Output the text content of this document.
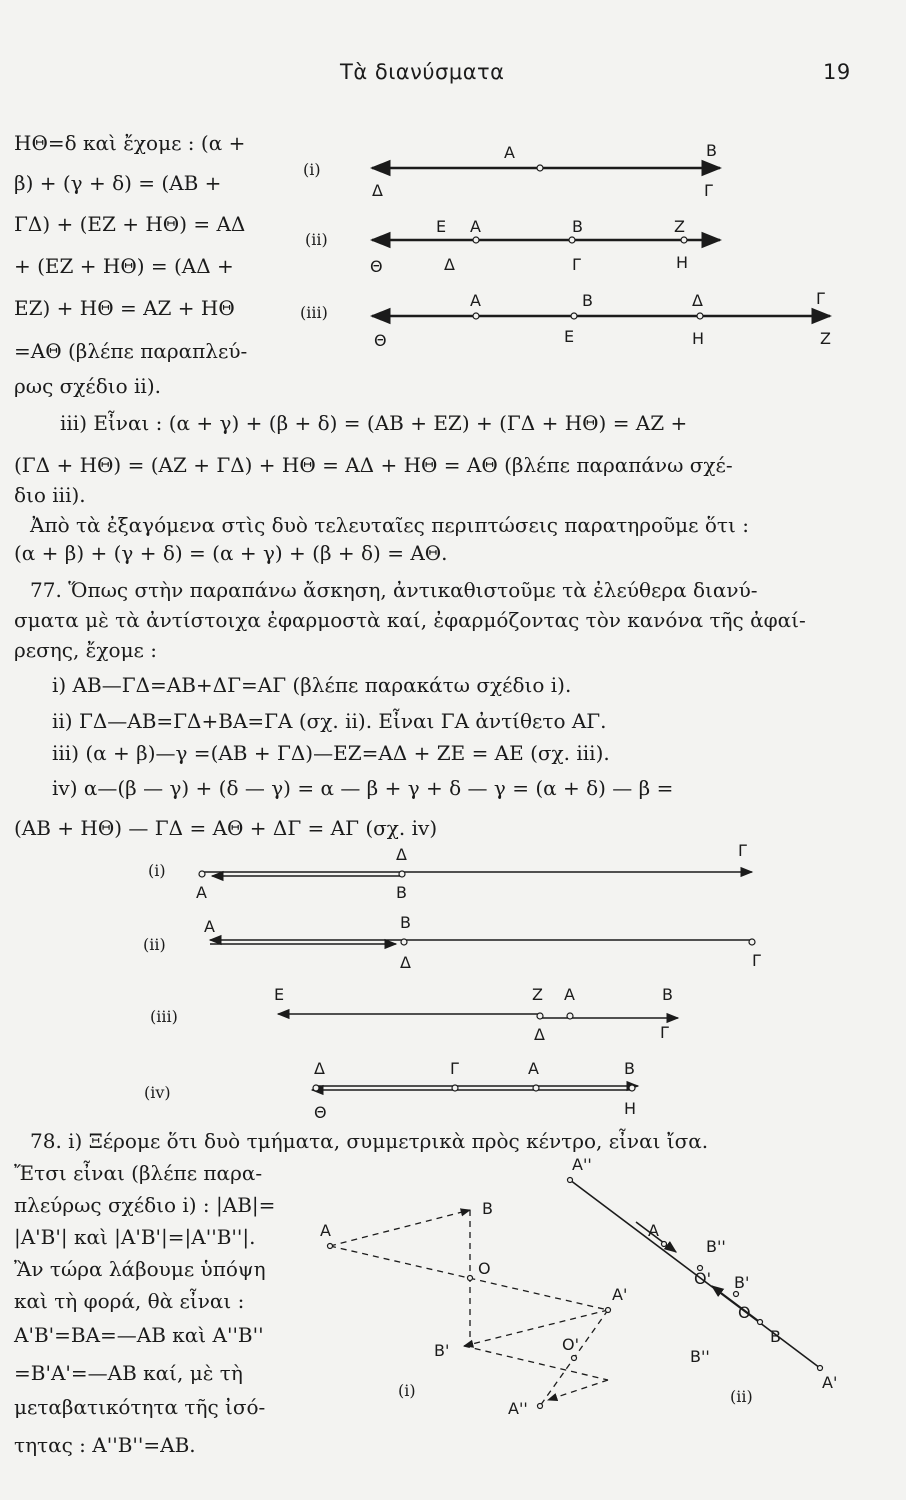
Τὰ διανύσματα	19
ΗΘ=δ καὶ ἔχομε : (α +
β) + (γ + δ) = (ΑΒ +
ΓΔ) + (ΕΖ + ΗΘ) = ΑΔ
+ (ΕΖ + ΗΘ) = (ΑΔ +
ΕΖ) + ΗΘ = ΑΖ + ΗΘ
=ΑΘ (βλέπε παραπλεύ-
ρως σχέδιο ii).
iii) Εἶναι : (α + γ) + (β + δ) = (ΑΒ + ΕΖ) + (ΓΔ + ΗΘ) = ΑΖ +
(ΓΔ + ΗΘ) = (ΑΖ + ΓΔ) + ΗΘ = ΑΔ + ΗΘ = ΑΘ (βλέπε παραπάνω σχέ-
διο iii).
Ἀπὸ τὰ ἐξαγόμενα στὶς δυὸ τελευταῖες περιπτώσεις παρατηροῦμε ὅτι :
(α + β) + (γ + δ) = (α + γ) + (β + δ) = ΑΘ.
77. Ὅπως στὴν παραπάνω ἄσκηση, ἀντικαθιστοῦμε τὰ ἐλεύθερα διανύ-
σματα μὲ τὰ ἀντίστοιχα ἐφαρμοστὰ καί, ἐφαρμόζοντας τὸν κανόνα τῆς ἀφαί-
ρεσης, ἔχομε :
i) ΑΒ—ΓΔ=ΑΒ+ΔΓ=ΑΓ (βλέπε παρακάτω σχέδιο i).
ii) ΓΔ—ΑΒ=ΓΔ+ΒΑ=ΓΑ (σχ. ii). Εἶναι ΓΑ ἀντίθετο ΑΓ.
iii) (α + β)—γ =(ΑΒ + ΓΔ)—ΕΖ=ΑΔ + ΖΕ = ΑΕ (σχ. iii).
iv) α—(β — γ) + (δ — γ) = α — β + γ + δ — γ = (α + δ) — β =
(ΑΒ + ΗΘ) — ΓΔ = ΑΘ + ΔΓ = ΑΓ (σχ. iv)
78. i) Ξέρομε ὅτι δυὸ τμήματα, συμμετρικὰ πρὸς κέντρο, εἶναι ἴσα.
Ἔτσι εἶναι (βλέπε παρα-
πλεύρως σχέδιο i) : |ΑΒ|=
|Α'Β'| καὶ |Α'Β'|=|Α''Β''|.
Ἂν τώρα λάβουμε ὑπόψη
καὶ τὴ φορά, θὰ εἶναι :
Α'Β'=ΒΑ=—ΑΒ καὶ Α''Β''
=Β'Α'=—ΑΒ καί, μὲ τὴ
μεταβατικότητα τῆς ἰσό-
τητας : Α''Β''=ΑΒ.
(i)
Α	Β
Δ	Γ
(ii)
Ε Α	Β	Ζ
Θ	Δ	Γ	Η
(iii)
Α	Β	Δ	Γ
Θ	Ε	Η	Ζ
(i)
Δ	Γ
Α	Β
(ii)
Α	Β
Δ	Γ
(iii)
Ε	Ζ Α	Β
Δ	Γ
(iv)
Δ	Γ	Α	Β
Θ	Η
Α
Β
Ο
Α'
Β'	Ο'
Α''
(i)
Α''
Α
Β''
Ο' Β'
Ο
Β
Β''
Α'
(ii)
